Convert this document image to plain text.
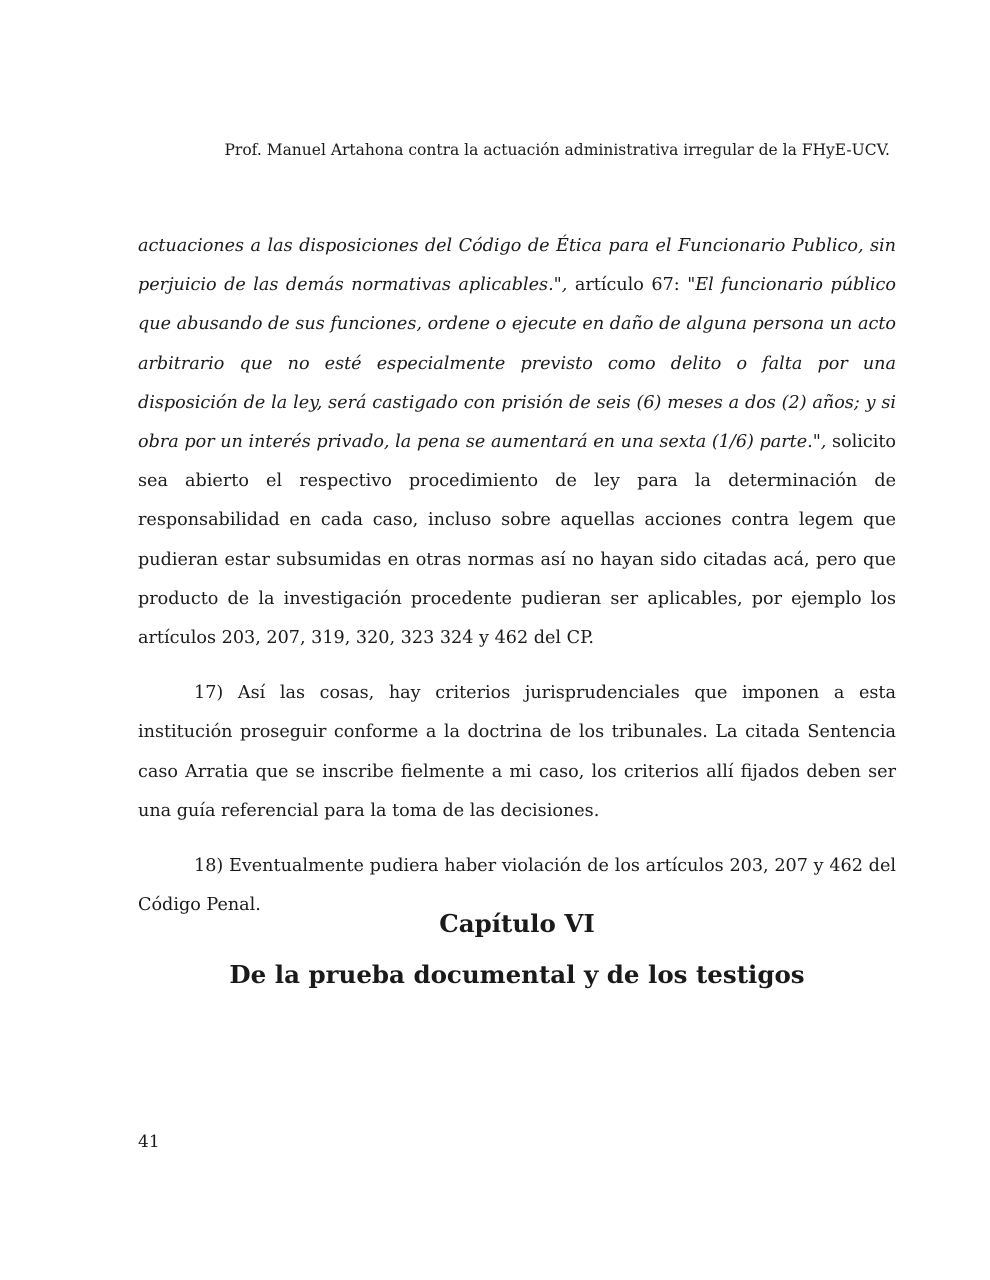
Prof. Manuel Artahona contra la actuación administrativa irregular de la FHyE-UCV.

actuaciones a las disposiciones del Código de Ética para el Funcionario Publico, sin perjuicio de las demás normativas aplicables.", artículo 67: "El funcionario público que abusando de sus funciones, ordene o ejecute en daño de alguna persona un acto arbitrario que no esté especialmente previsto como delito o falta por una disposición de la ley, será castigado con prisión de seis (6) meses a dos (2) años; y si obra por un interés privado, la pena se aumentará en una sexta (1/6) parte.", solicito sea abierto el respectivo procedimiento de ley para la determinación de responsabilidad en cada caso, incluso sobre aquellas acciones contra legem que pudieran estar subsumidas en otras normas así no hayan sido citadas acá, pero que producto de la investigación procedente pudieran ser aplicables, por ejemplo los artículos 203, 207, 319, 320, 323 324 y 462 del CP.

17) Así las cosas, hay criterios jurisprudenciales que imponen a esta institución proseguir conforme a la doctrina de los tribunales. La citada Sentencia caso Arratia que se inscribe fielmente a mi caso, los criterios allí fijados deben ser una guía referencial para la toma de las decisiones.

18) Eventualmente pudiera haber violación de los artículos 203, 207 y 462 del Código Penal.

Capítulo VI
De la prueba documental y de los testigos
41
